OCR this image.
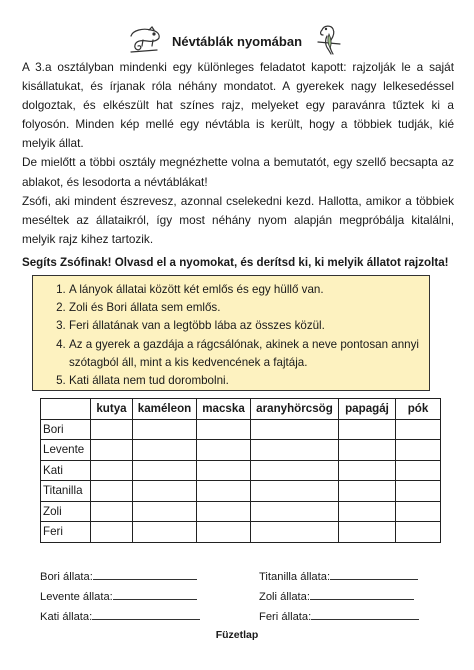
Névtáblák nyomában

A 3.a osztályban mindenki egy különleges feladatot kapott: rajzolják le a saját kisállatukat, és írjanak róla néhány mondatot. A gyerekek nagy lelkesedéssel dolgoztak, és elkészült hat színes rajz, melyeket egy paravánra tűztek ki a folyosón. Minden kép mellé egy névtábla is került, hogy a többiek tudják, kié melyik állat.

De mielőtt a többi osztály megnézhette volna a bemutatót, egy szellő becsapta az ablakot, és lesodorta a névtáblákat!

Zsófi, aki mindent észrevesz, azonnal cselekedni kezd. Hallotta, amikor a többiek meséltek az állataikról, így most néhány nyom alapján megpróbálja kitalálni, melyik rajz kihez tartozik.

Segíts Zsófinak! Olvasd el a nyomokat, és derítsd ki, ki melyik állatot rajzolta!
1. A lányok állatai között két emlős és egy hüllő van.
2. Zoli és Bori állata sem emlős.
3. Feri állatának van a legtöbb lába az összes közül.
4. Az a gyerek a gazdája a rágcsálónak, akinek a neve pontosan annyi szótagból áll, mint a kis kedvencének a fajtája.
5. Kati állata nem tud dorombolni.
	kutya	kaméleon	macska	aranyhörcsög	papagáj	pók
Bori						
Levente						
Kati						
Titanilla						
Zoli						
Feri						
Bori állata:
Levente állata:
Kati állata:
Titanilla állata:
Zoli állata:
Feri állata:
Füzetlap
